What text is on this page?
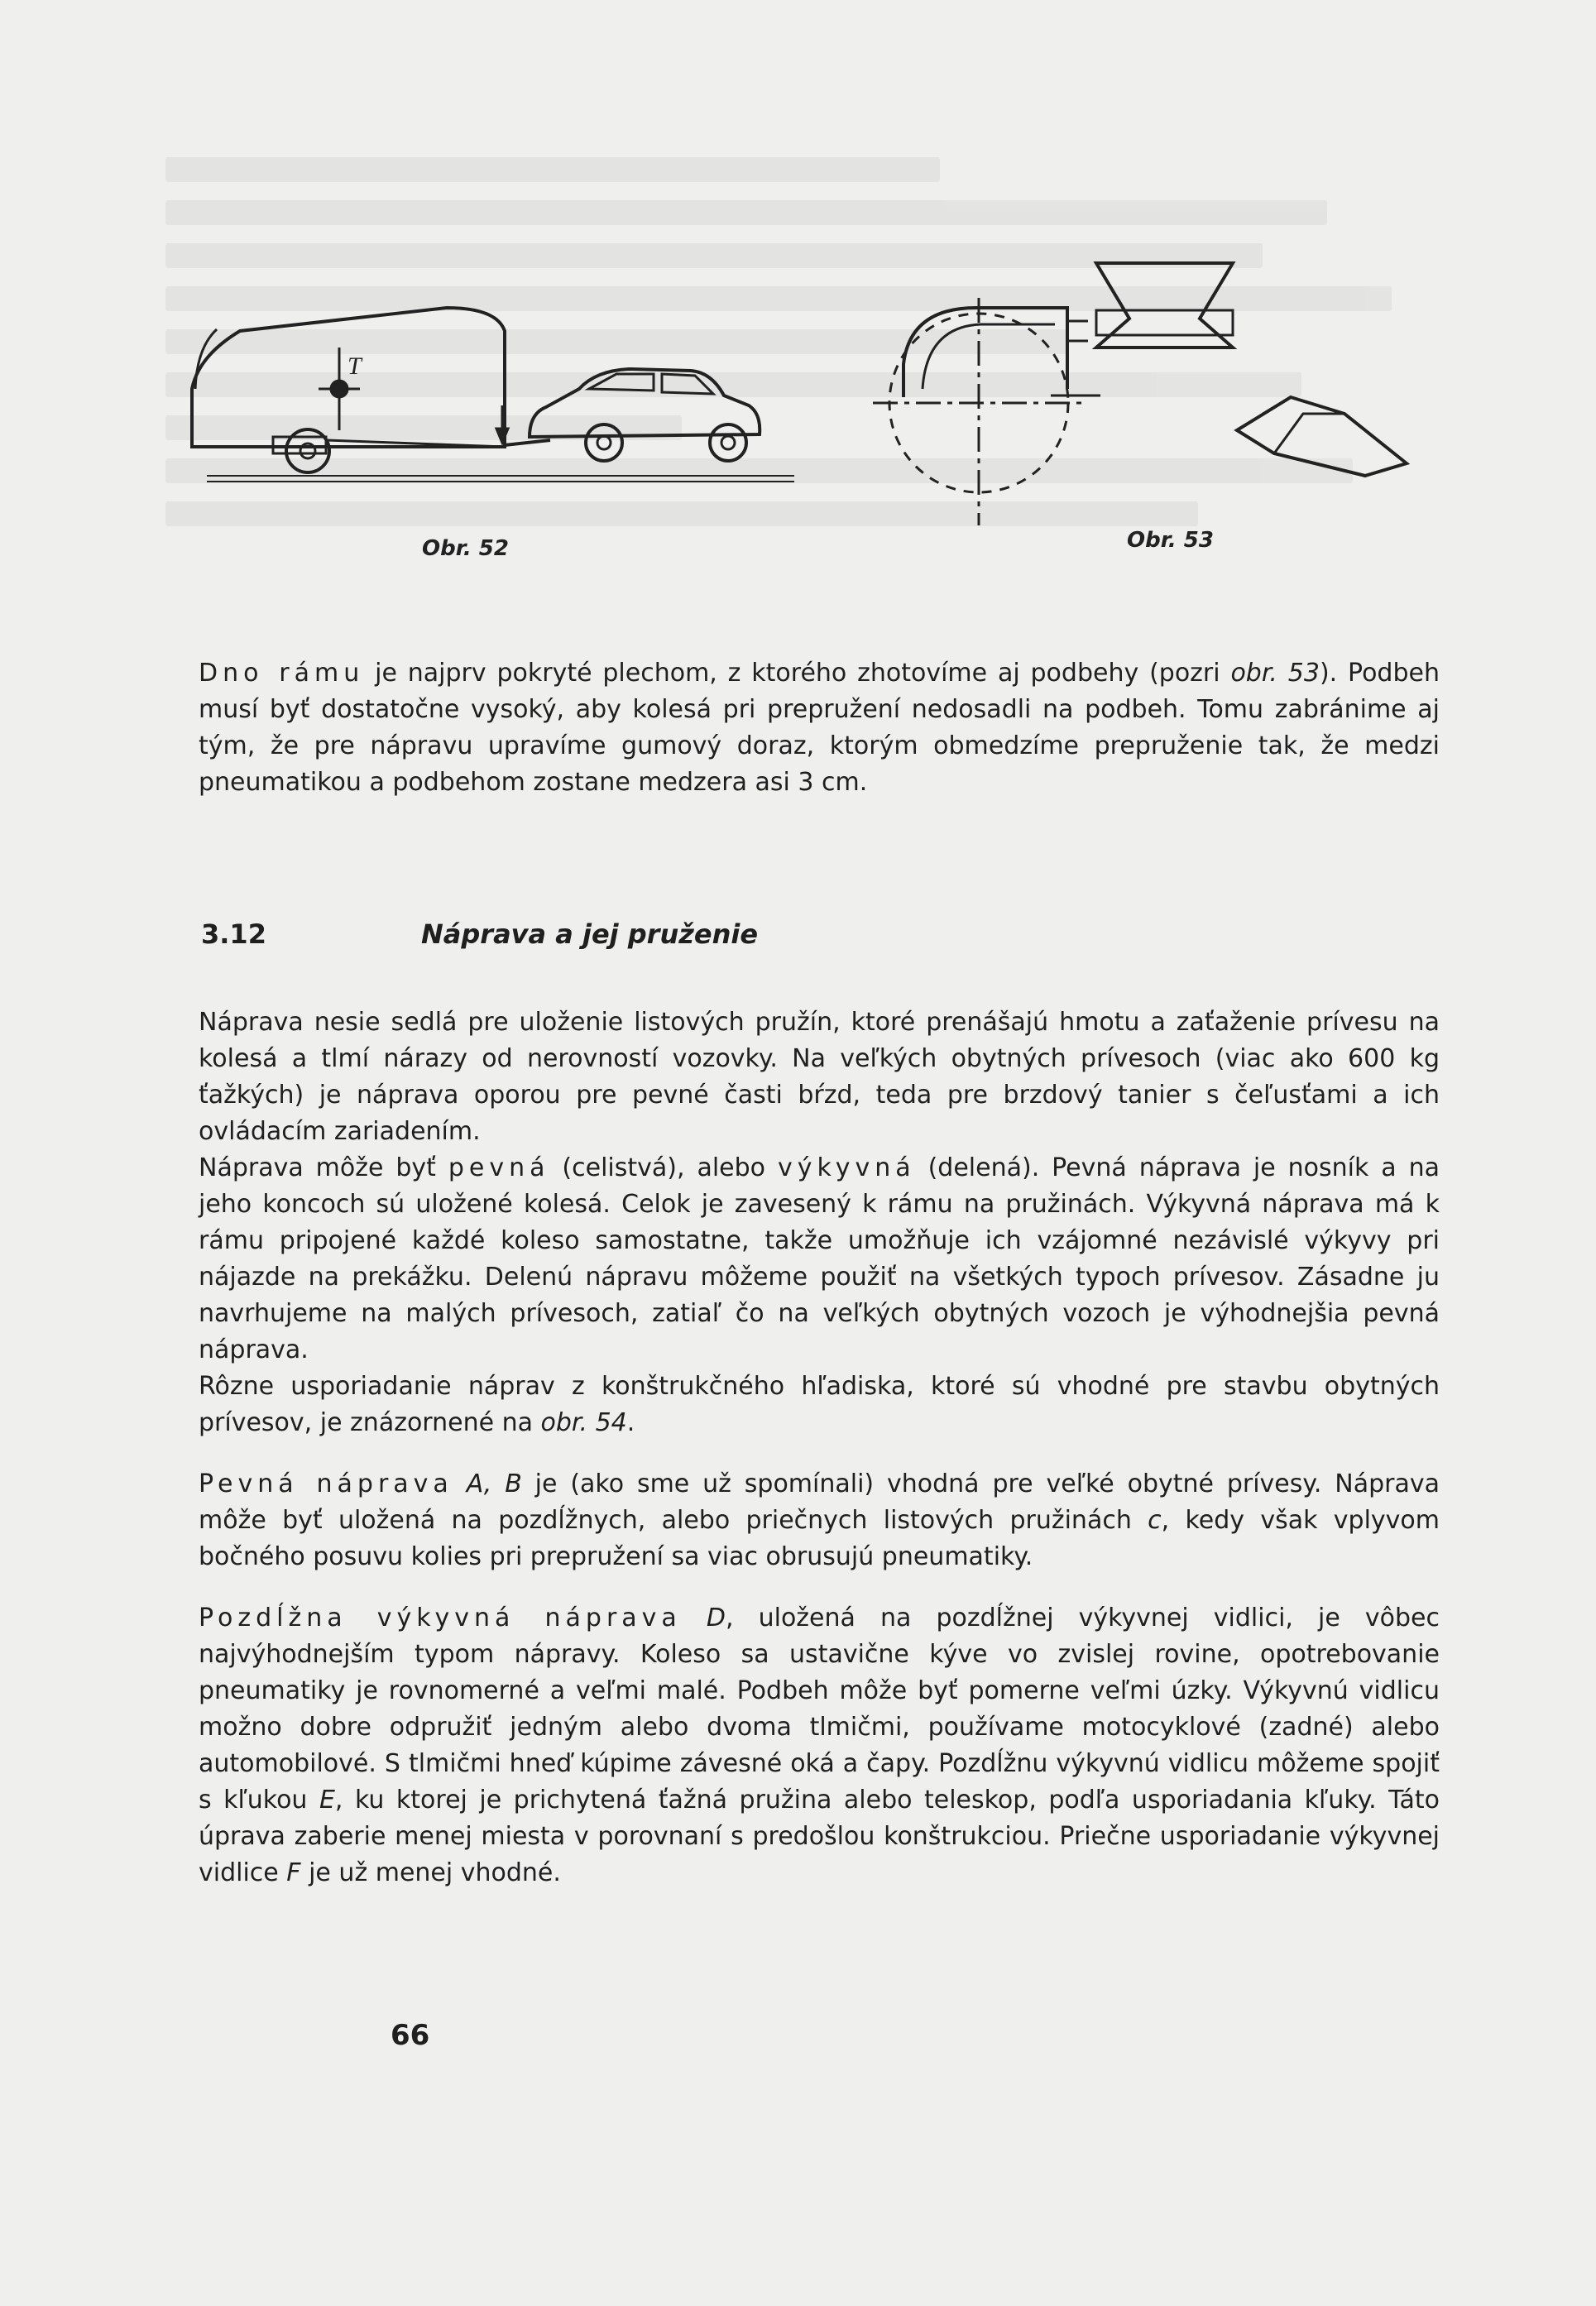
T
Obr. 52	Obr. 53

Dno rámu je najprv pokryté plechom, z ktorého zhotovíme aj podbehy (pozri obr. 53). Podbeh musí byť dostatočne vysoký, aby kolesá pri prepružení nedosadli na podbeh. Tomu zabránime aj tým, že pre nápravu upravíme gumový doraz, ktorým obmedzíme prepruženie tak, že medzi pneumatikou a podbehom zostane medzera asi 3 cm.

3.12	Náprava a jej pruženie

Náprava nesie sedlá pre uloženie listových pružín, ktoré prenášajú hmotu a zaťaženie prívesu na kolesá a tlmí nárazy od nerovností vozovky. Na veľkých obytných prívesoch (viac ako 600 kg ťažkých) je náprava oporou pre pevné časti bŕzd, teda pre brzdový tanier s čeľusťami a ich ovládacím zariadením.

Náprava môže byť pevná (celistvá), alebo výkyvná (delená). Pevná náprava je nosník a na jeho koncoch sú uložené kolesá. Celok je zavesený k rámu na pružinách. Výkyvná náprava má k rámu pripojené každé koleso samostatne, takže umožňuje ich vzájomné nezávislé výkyvy pri nájazde na prekážku. Delenú nápravu môžeme použiť na všetkých typoch prívesov. Zásadne ju navrhujeme na malých prívesoch, zatiaľ čo na veľkých obytných vozoch je výhodnejšia pevná náprava.

Rôzne usporiadanie náprav z konštrukčného hľadiska, ktoré sú vhodné pre stavbu obytných prívesov, je znázornené na obr. 54.

Pevná náprava A, B je (ako sme už spomínali) vhodná pre veľké obytné prívesy. Náprava môže byť uložená na pozdĺžnych, alebo priečnych listových pružinách c, kedy však vplyvom bočného posuvu kolies pri prepružení sa viac obrusujú pneumatiky.

Pozdĺžna výkyvná náprava D, uložená na pozdĺžnej výkyvnej vidlici, je vôbec najvýhodnejším typom nápravy. Koleso sa ustavične kýve vo zvislej rovine, opotrebovanie pneumatiky je rovnomerné a veľmi malé. Podbeh môže byť pomerne veľmi úzky. Výkyvnú vidlicu možno dobre odpružiť jedným alebo dvoma tlmičmi, používame motocyklové (zadné) alebo automobilové. S tlmičmi hneď kúpime závesné oká a čapy. Pozdĺžnu výkyvnú vidlicu môžeme spojiť s kľukou E, ku ktorej je prichytená ťažná pružina alebo teleskop, podľa usporiadania kľuky. Táto úprava zaberie menej miesta v porovnaní s predošlou konštrukciou. Priečne usporiadanie výkyvnej vidlice F je už menej vhodné.

66
